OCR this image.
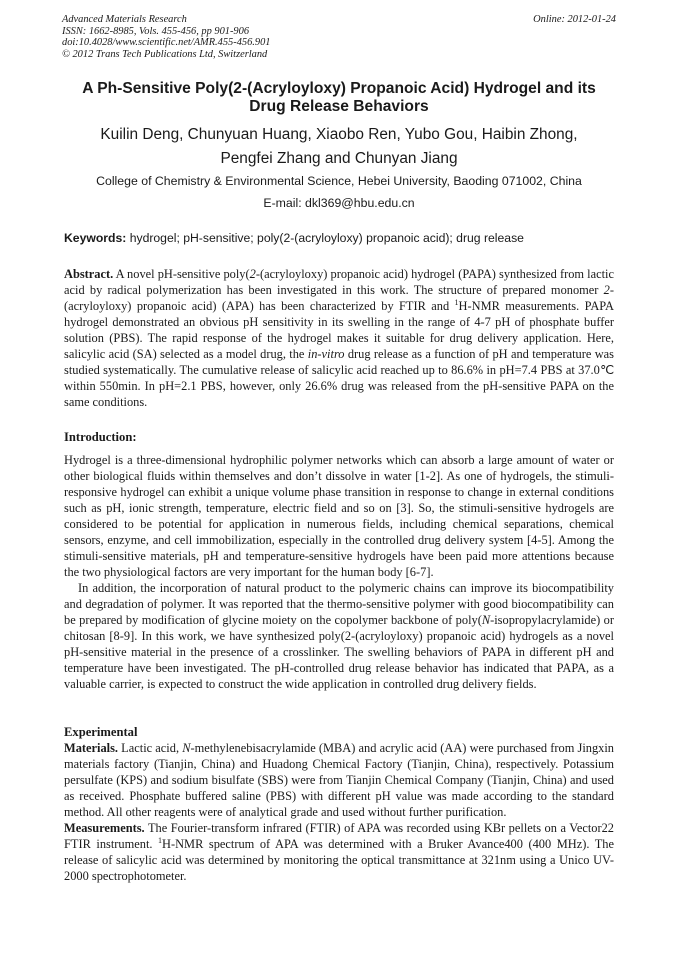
Advanced Materials Research
ISSN: 1662-8985, Vols. 455-456, pp 901-906
doi:10.4028/www.scientific.net/AMR.455-456.901
© 2012 Trans Tech Publications Ltd, Switzerland
Online: 2012-01-24
A Ph-Sensitive Poly(2-(Acryloyloxy) Propanoic Acid) Hydrogel and its
Drug Release Behaviors
Kuilin Deng, Chunyuan Huang, Xiaobo Ren, Yubo Gou, Haibin Zhong,
Pengfei Zhang and Chunyan Jiang
College of Chemistry & Environmental Science, Hebei University, Baoding 071002, China
E-mail: dkl369@hbu.edu.cn
Keywords: hydrogel; pH-sensitive; poly(2-(acryloyloxy) propanoic acid); drug release

Abstract. A novel pH-sensitive poly(2-(acryloyloxy) propanoic acid) hydrogel (PAPA) synthesized from lactic acid by radical polymerization has been investigated in this work. The structure of prepared monomer 2-(acryloyloxy) propanoic acid) (APA) has been characterized by FTIR and $^1$H-NMR measurements. PAPA hydrogel demonstrated an obvious pH sensitivity in its swelling in the range of 4-7 pH of phosphate buffer solution (PBS). The rapid response of the hydrogel makes it suitable for drug delivery application. Here, salicylic acid (SA) selected as a model drug, the in-vitro drug release as a function of pH and temperature was studied systematically. The cumulative release of salicylic acid reached up to 86.6% in pH=7.4 PBS at 37.0℃ within 550min. In pH=2.1 PBS, however, only 26.6% drug was released from the pH-sensitive PAPA on the same conditions.

Introduction:

Hydrogel is a three-dimensional hydrophilic polymer networks which can absorb a large amount of water or other biological fluids within themselves and don’t dissolve in water [1-2]. As one of hydrogels, the stimuli-responsive hydrogel can exhibit a unique volume phase transition in response to change in external conditions such as pH, ionic strength, temperature, electric field and so on [3]. So, the stimuli-sensitive hydrogels are considered to be potential for application in numerous fields, including chemical separations, chemical sensors, enzyme, and cell immobilization, especially in the controlled drug delivery system [4-5]. Among the stimuli-sensitive materials, pH and temperature-sensitive hydrogels have been paid more attentions because the two physiological factors are very important for the human body [6-7].

In addition, the incorporation of natural product to the polymeric chains can improve its biocompatibility and degradation of polymer. It was reported that the thermo-sensitive polymer with good biocompatibility can be prepared by modification of glycine moiety on the copolymer backbone of poly(N-isopropylacrylamide) or chitosan [8-9]. In this work, we have synthesized poly(2-(acryloyloxy) propanoic acid) hydrogels as a novel pH-sensitive material in the presence of a crosslinker. The swelling behaviors of PAPA in different pH and temperature have been investigated. The pH-controlled drug release behavior has indicated that PAPA, as a valuable carrier, is expected to construct the wide application in controlled drug delivery fields.

Experimental

Materials. Lactic acid, N-methylenebisacrylamide (MBA) and acrylic acid (AA) were purchased from Jingxin materials factory (Tianjin, China) and Huadong Chemical Factory (Tianjin, China), respectively. Potassium persulfate (KPS) and sodium bisulfate (SBS) were from Tianjin Chemical Company (Tianjin, China) and used as received. Phosphate buffered saline (PBS) with different pH value was made according to the standard method. All other reagents were of analytical grade and used without further purification.

Measurements. The Fourier-transform infrared (FTIR) of APA was recorded using KBr pellets on a Vector22 FTIR instrument. $^1$H-NMR spectrum of APA was determined with a Bruker Avance400 (400 MHz). The release of salicylic acid was determined by monitoring the optical transmittance at 321nm using a Unico UV-2000 spectrophotometer.
